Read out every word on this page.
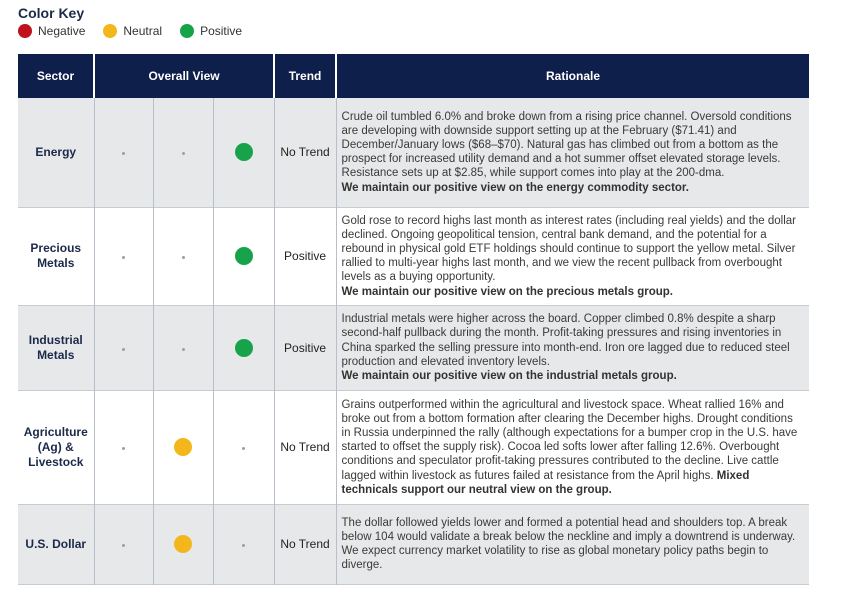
Color Key
Negative	Neutral	Positive
Sector	Overall View			Trend	Rationale
Energy				No Trend	Crude oil tumbled 6.0% and broke down from a rising price channel. Oversold conditions are developing with downside support setting up at the February ($71.41) and December/January lows ($68–$70). Natural gas has climbed out from a bottom as the prospect for increased utility demand and a hot summer offset elevated storage levels. Resistance sets up at $2.85, while support comes into play at the 200-dma.
We maintain our positive view on the energy commodity sector.
Precious Metals				Positive	Gold rose to record highs last month as interest rates (including real yields) and the dollar declined. Ongoing geopolitical tension, central bank demand, and the potential for a rebound in physical gold ETF holdings should continue to support the yellow metal. Silver rallied to multi-year highs last month, and we view the recent pullback from overbought levels as a buying opportunity.
We maintain our positive view on the precious metals group.
Industrial Metals				Positive	Industrial metals were higher across the board. Copper climbed 0.8% despite a sharp second-half pullback during the month. Profit-taking pressures and rising inventories in China sparked the selling pressure into month-end. Iron ore lagged due to reduced steel production and elevated inventory levels.
We maintain our positive view on the industrial metals group.
Agriculture (Ag) & Livestock				No Trend	Grains outperformed within the agricultural and livestock space. Wheat rallied 16% and broke out from a bottom formation after clearing the December highs. Drought conditions in Russia underpinned the rally (although expectations for a bumper crop in the U.S. have started to offset the supply risk). Cocoa led softs lower after falling 12.6%. Overbought conditions and speculator profit-taking pressures contributed to the decline. Live cattle lagged within livestock as futures failed at resistance from the April highs. Mixed technicals support our neutral view on the group.
U.S. Dollar				No Trend	The dollar followed yields lower and formed a potential head and shoulders top. A break below 104 would validate a break below the neckline and imply a downtrend is underway. We expect currency market volatility to rise as global monetary policy paths begin to diverge.
